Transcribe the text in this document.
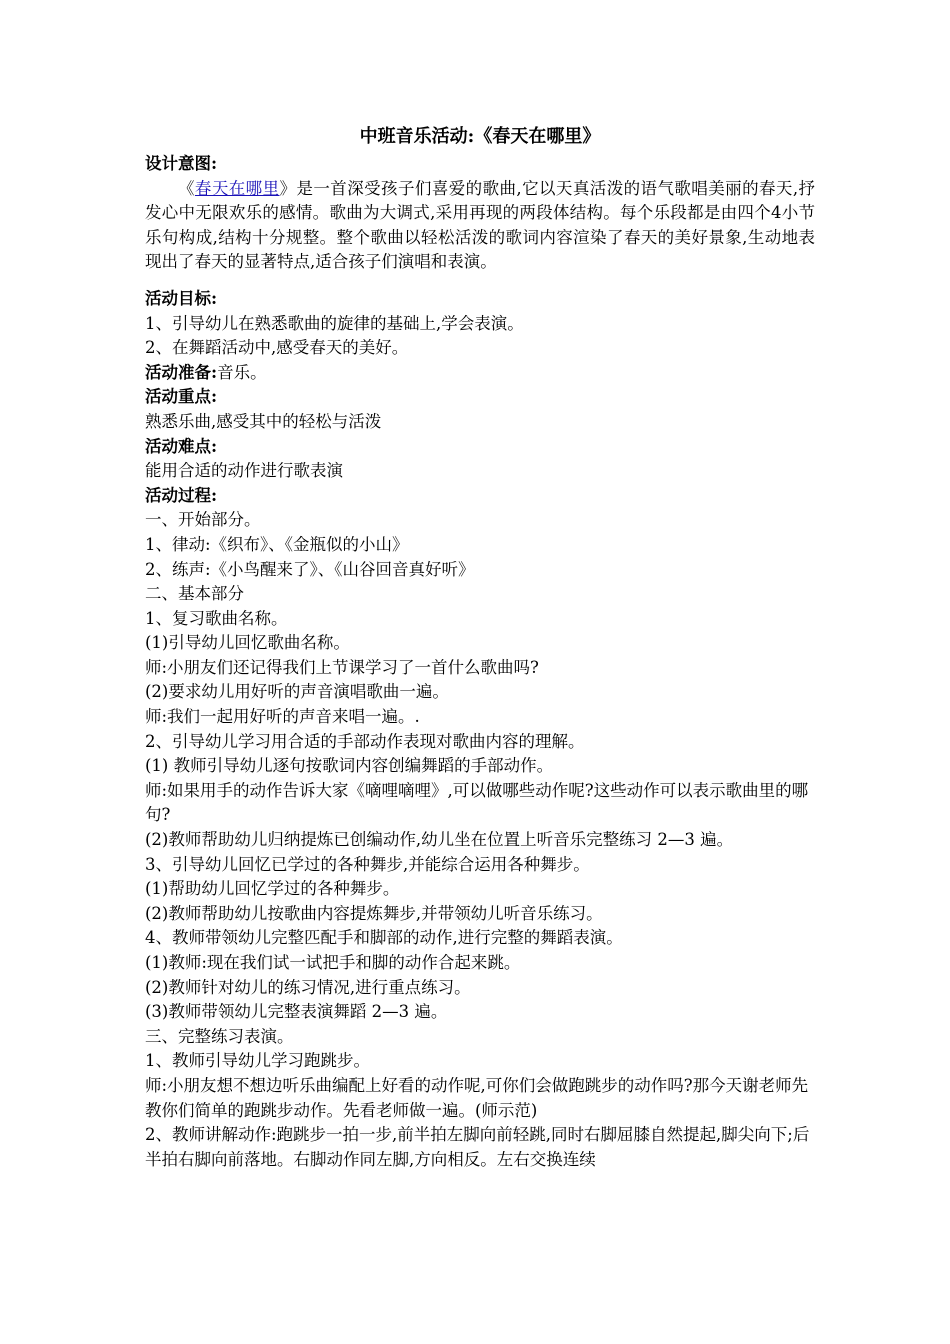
中班音乐活动:《春天在哪里》
设计意图:
《春天在哪里》是一首深受孩子们喜爱的歌曲,它以天真活泼的语气歌唱美丽的春天,抒发心中无限欢乐的感情。歌曲为大调式,采用再现的两段体结构。每个乐段都是由四个4小节乐句构成,结构十分规整。整个歌曲以轻松活泼的歌词内容渲染了春天的美好景象,生动地表现出了春天的显著特点,适合孩子们演唱和表演。
活动目标:
1、引导幼儿在熟悉歌曲的旋律的基础上,学会表演。
2、在舞蹈活动中,感受春天的美好。
活动准备:音乐。
活动重点:
熟悉乐曲,感受其中的轻松与活泼
活动难点:
能用合适的动作进行歌表演
活动过程:
一、开始部分。
1、律动:《织布》、《金瓶似的小山》
2、练声:《小鸟醒来了》、《山谷回音真好听》
二、基本部分
1、复习歌曲名称。
(1)引导幼儿回忆歌曲名称。
师:小朋友们还记得我们上节课学习了一首什么歌曲吗?
(2)要求幼儿用好听的声音演唱歌曲一遍。
师:我们一起用好听的声音来唱一遍。.
2、引导幼儿学习用合适的手部动作表现对歌曲内容的理解。
(1) 教师引导幼儿逐句按歌词内容创编舞蹈的手部动作。
师:如果用手的动作告诉大家《嘀哩嘀哩》,可以做哪些动作呢?这些动作可以表示歌曲里的哪句?
(2)教师帮助幼儿归纳提炼已创编动作,幼儿坐在位置上听音乐完整练习 2—3 遍。
3、引导幼儿回忆已学过的各种舞步,并能综合运用各种舞步。
(1)帮助幼儿回忆学过的各种舞步。
(2)教师帮助幼儿按歌曲内容提炼舞步,并带领幼儿听音乐练习。
4、教师带领幼儿完整匹配手和脚部的动作,进行完整的舞蹈表演。
(1)教师:现在我们试一试把手和脚的动作合起来跳。
(2)教师针对幼儿的练习情况,进行重点练习。
(3)教师带领幼儿完整表演舞蹈 2—3 遍。
三、完整练习表演。
1、教师引导幼儿学习跑跳步。
师:小朋友想不想边听乐曲编配上好看的动作呢,可你们会做跑跳步的动作吗?那今天谢老师先教你们简单的跑跳步动作。先看老师做一遍。(师示范)
2、教师讲解动作:跑跳步一拍一步,前半拍左脚向前轻跳,同时右脚屈膝自然提起,脚尖向下;后半拍右脚向前落地。右脚动作同左脚,方向相反。左右交换连续
